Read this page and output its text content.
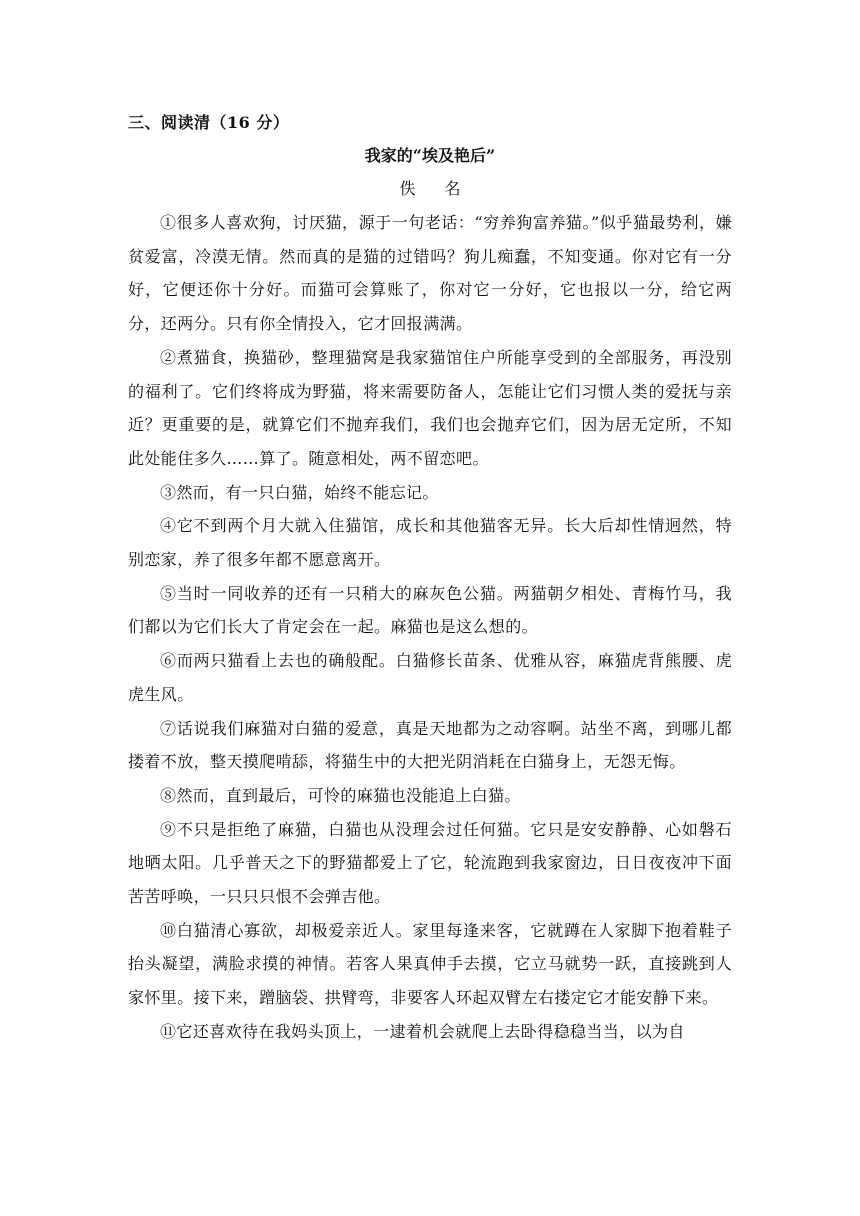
三、阅读清（16 分）
我家的“埃及艳后”
佚 名

①很多人喜欢狗，讨厌猫，源于一句老话：“穷养狗富养猫。”似乎猫最势利，嫌贫爱富，冷漠无情。然而真的是猫的过错吗？狗儿痴蠢，不知变通。你对它有一分好，它便还你十分好。而猫可会算账了，你对它一分好，它也报以一分，给它两分，还两分。只有你全情投入，它才回报满满。

②煮猫食，换猫砂，整理猫窝是我家猫馆住户所能享受到的全部服务，再没别的福利了。它们终将成为野猫，将来需要防备人，怎能让它们习惯人类的爱抚与亲近？更重要的是，就算它们不抛弃我们，我们也会抛弃它们，因为居无定所，不知此处能住多久……算了。随意相处，两不留恋吧。

③然而，有一只白猫，始终不能忘记。

④它不到两个月大就入住猫馆，成长和其他猫客无异。长大后却性情迥然，特别恋家，养了很多年都不愿意离开。

⑤当时一同收养的还有一只稍大的麻灰色公猫。两猫朝夕相处、青梅竹马，我们都以为它们长大了肯定会在一起。麻猫也是这么想的。

⑥而两只猫看上去也的确般配。白猫修长苗条、优雅从容，麻猫虎背熊腰、虎虎生风。

⑦话说我们麻猫对白猫的爱意，真是天地都为之动容啊。站坐不离，到哪儿都搂着不放，整天摸爬啃舔，将猫生中的大把光阴消耗在白猫身上，无怨无悔。

⑧然而，直到最后，可怜的麻猫也没能追上白猫。

⑨不只是拒绝了麻猫，白猫也从没理会过任何猫。它只是安安静静、心如磐石地晒太阳。几乎普天之下的野猫都爱上了它，轮流跑到我家窗边，日日夜夜冲下面苦苦呼唤，一只只只恨不会弹吉他。

⑩白猫清心寡欲，却极爱亲近人。家里每逢来客，它就蹲在人家脚下抱着鞋子抬头凝望，满脸求摸的神情。若客人果真伸手去摸，它立马就势一跃，直接跳到人家怀里。接下来，蹭脑袋、拱臂弯，非要客人环起双臂左右搂定它才能安静下来。

⑪它还喜欢待在我妈头顶上，一逮着机会就爬上去卧得稳稳当当，以为自
